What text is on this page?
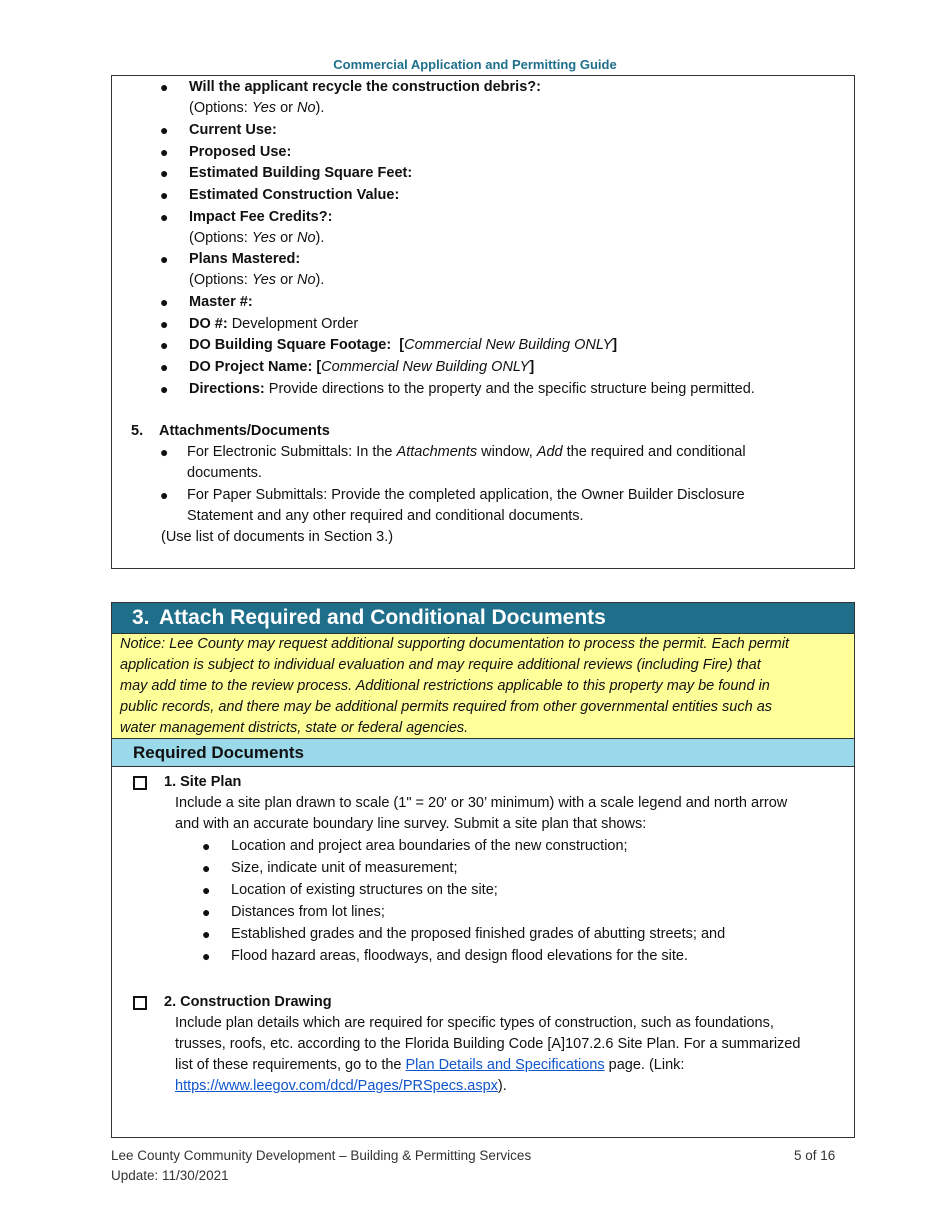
Commercial Application and Permitting Guide
● Will the applicant recycle the construction debris?:
(Options: Yes or No).
● Current Use:
● Proposed Use:
● Estimated Building Square Feet:
● Estimated Construction Value:
● Impact Fee Credits?:
(Options: Yes or No).
● Plans Mastered:
(Options: Yes or No).
● Master #:
● DO #: Development Order
● DO Building Square Footage:  [Commercial New Building ONLY]
● DO Project Name: [Commercial New Building ONLY]
● Directions: Provide directions to the property and the specific structure being permitted.
5. Attachments/Documents
● For Electronic Submittals: In the Attachments window, Add the required and conditional
documents.
● For Paper Submittals: Provide the completed application, the Owner Builder Disclosure
Statement and any other required and conditional documents.
(Use list of documents in Section 3.)
3. Attach Required and Conditional Documents
Notice: Lee County may request additional supporting documentation to process the permit. Each permit
application is subject to individual evaluation and may require additional reviews (including Fire) that
may add time to the review process. Additional restrictions applicable to this property may be found in
public records, and there may be additional permits required from other governmental entities such as
water management districts, state or federal agencies.
Required Documents
1. Site Plan
Include a site plan drawn to scale (1" = 20' or 30’ minimum) with a scale legend and north arrow
and with an accurate boundary line survey. Submit a site plan that shows:
● Location and project area boundaries of the new construction;
● Size, indicate unit of measurement;
● Location of existing structures on the site;
● Distances from lot lines;
● Established grades and the proposed finished grades of abutting streets; and
● Flood hazard areas, floodways, and design flood elevations for the site.
2. Construction Drawing
Include plan details which are required for specific types of construction, such as foundations,
trusses, roofs, etc. according to the Florida Building Code [A]107.2.6 Site Plan. For a summarized
list of these requirements, go to the Plan Details and Specifications page. (Link:
https://www.leegov.com/dcd/Pages/PRSpecs.aspx).
Lee County Community Development – Building & Permitting Services
Update: 11/30/2021
5 of 16
